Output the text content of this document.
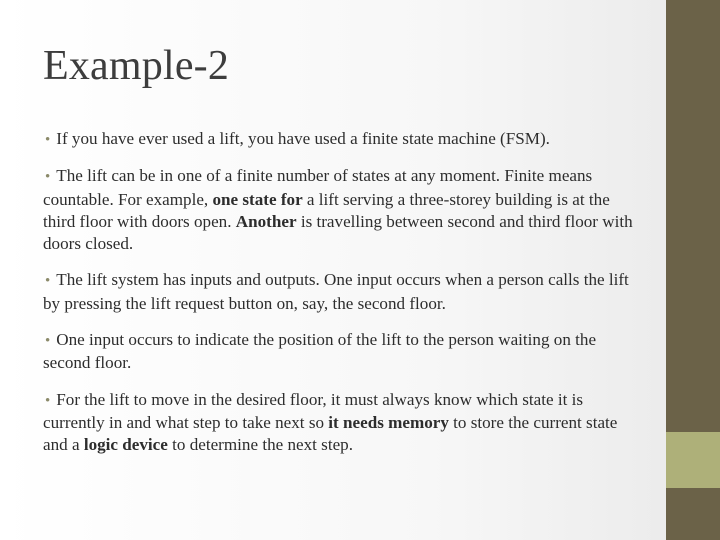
Example-2

• If you have ever used a lift, you have used a finite state machine (FSM).

• The lift can be in one of a finite number of states at any moment. Finite means countable. For example, one state for a lift serving a three-storey building is at the third floor with doors open. Another is travelling between second and third floor with doors closed.

• The lift system has inputs and outputs. One input occurs when a person calls the lift by pressing the lift request button on, say, the second floor.

• One input occurs to indicate the position of the lift to the person waiting on the second floor.

• For the lift to move in the desired floor, it must always know which state it is currently in and what step to take next so it needs memory to store the current state and a logic device to determine the next step.
